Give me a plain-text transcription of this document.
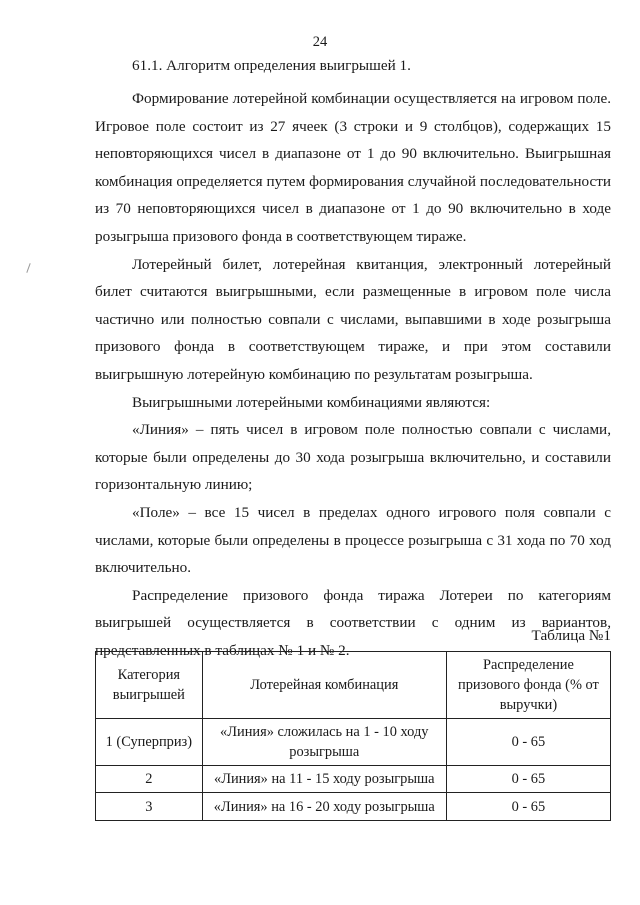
24
61.1. Алгоритм определения выигрышей 1.

Формирование лотерейной комбинации осуществляется на игровом поле. Игровое поле состоит из 27 ячеек (3 строки и 9 столбцов), содержащих 15 неповторяющихся чисел в диапазоне от 1 до 90 включительно. Выигрышная комбинация определяется путем формирования случайной последовательности из 70 неповторяющихся чисел в диапазоне от 1 до 90 включительно в ходе розыгрыша призового фонда в соответствующем тираже.

Лотерейный билет, лотерейная квитанция, электронный лотерейный билет считаются выигрышными, если размещенные в игровом поле числа частично или полностью совпали с числами, выпавшими в ходе розыгрыша призового фонда в соответствующем тираже, и при этом составили выигрышную лотерейную комбинацию по результатам розыгрыша.

Выигрышными лотерейными комбинациями являются:

«Линия» – пять чисел в игровом поле полностью совпали с числами, которые были определены до 30 хода розыгрыша включительно, и составили горизонтальную линию;

«Поле» – все 15 чисел в пределах одного игрового поля совпали с числами, которые были определены в процессе розыгрыша с 31 хода по 70 ход включительно.

Распределение призового фонда тиража Лотереи по категориям выигрышей осуществляется в соответствии с одним из вариантов, представленных в таблицах № 1 и № 2.

Таблица №1
Категория выигрышей	Лотерейная комбинация	Распределение призового фонда (% от выручки)
1 (Суперприз)	«Линия» сложилась на 1 - 10 ходу розыгрыша	0 - 65
2	«Линия» на 11 - 15 ходу розыгрыша	0 - 65
3	«Линия» на 16 - 20 ходу розыгрыша	0 - 65
